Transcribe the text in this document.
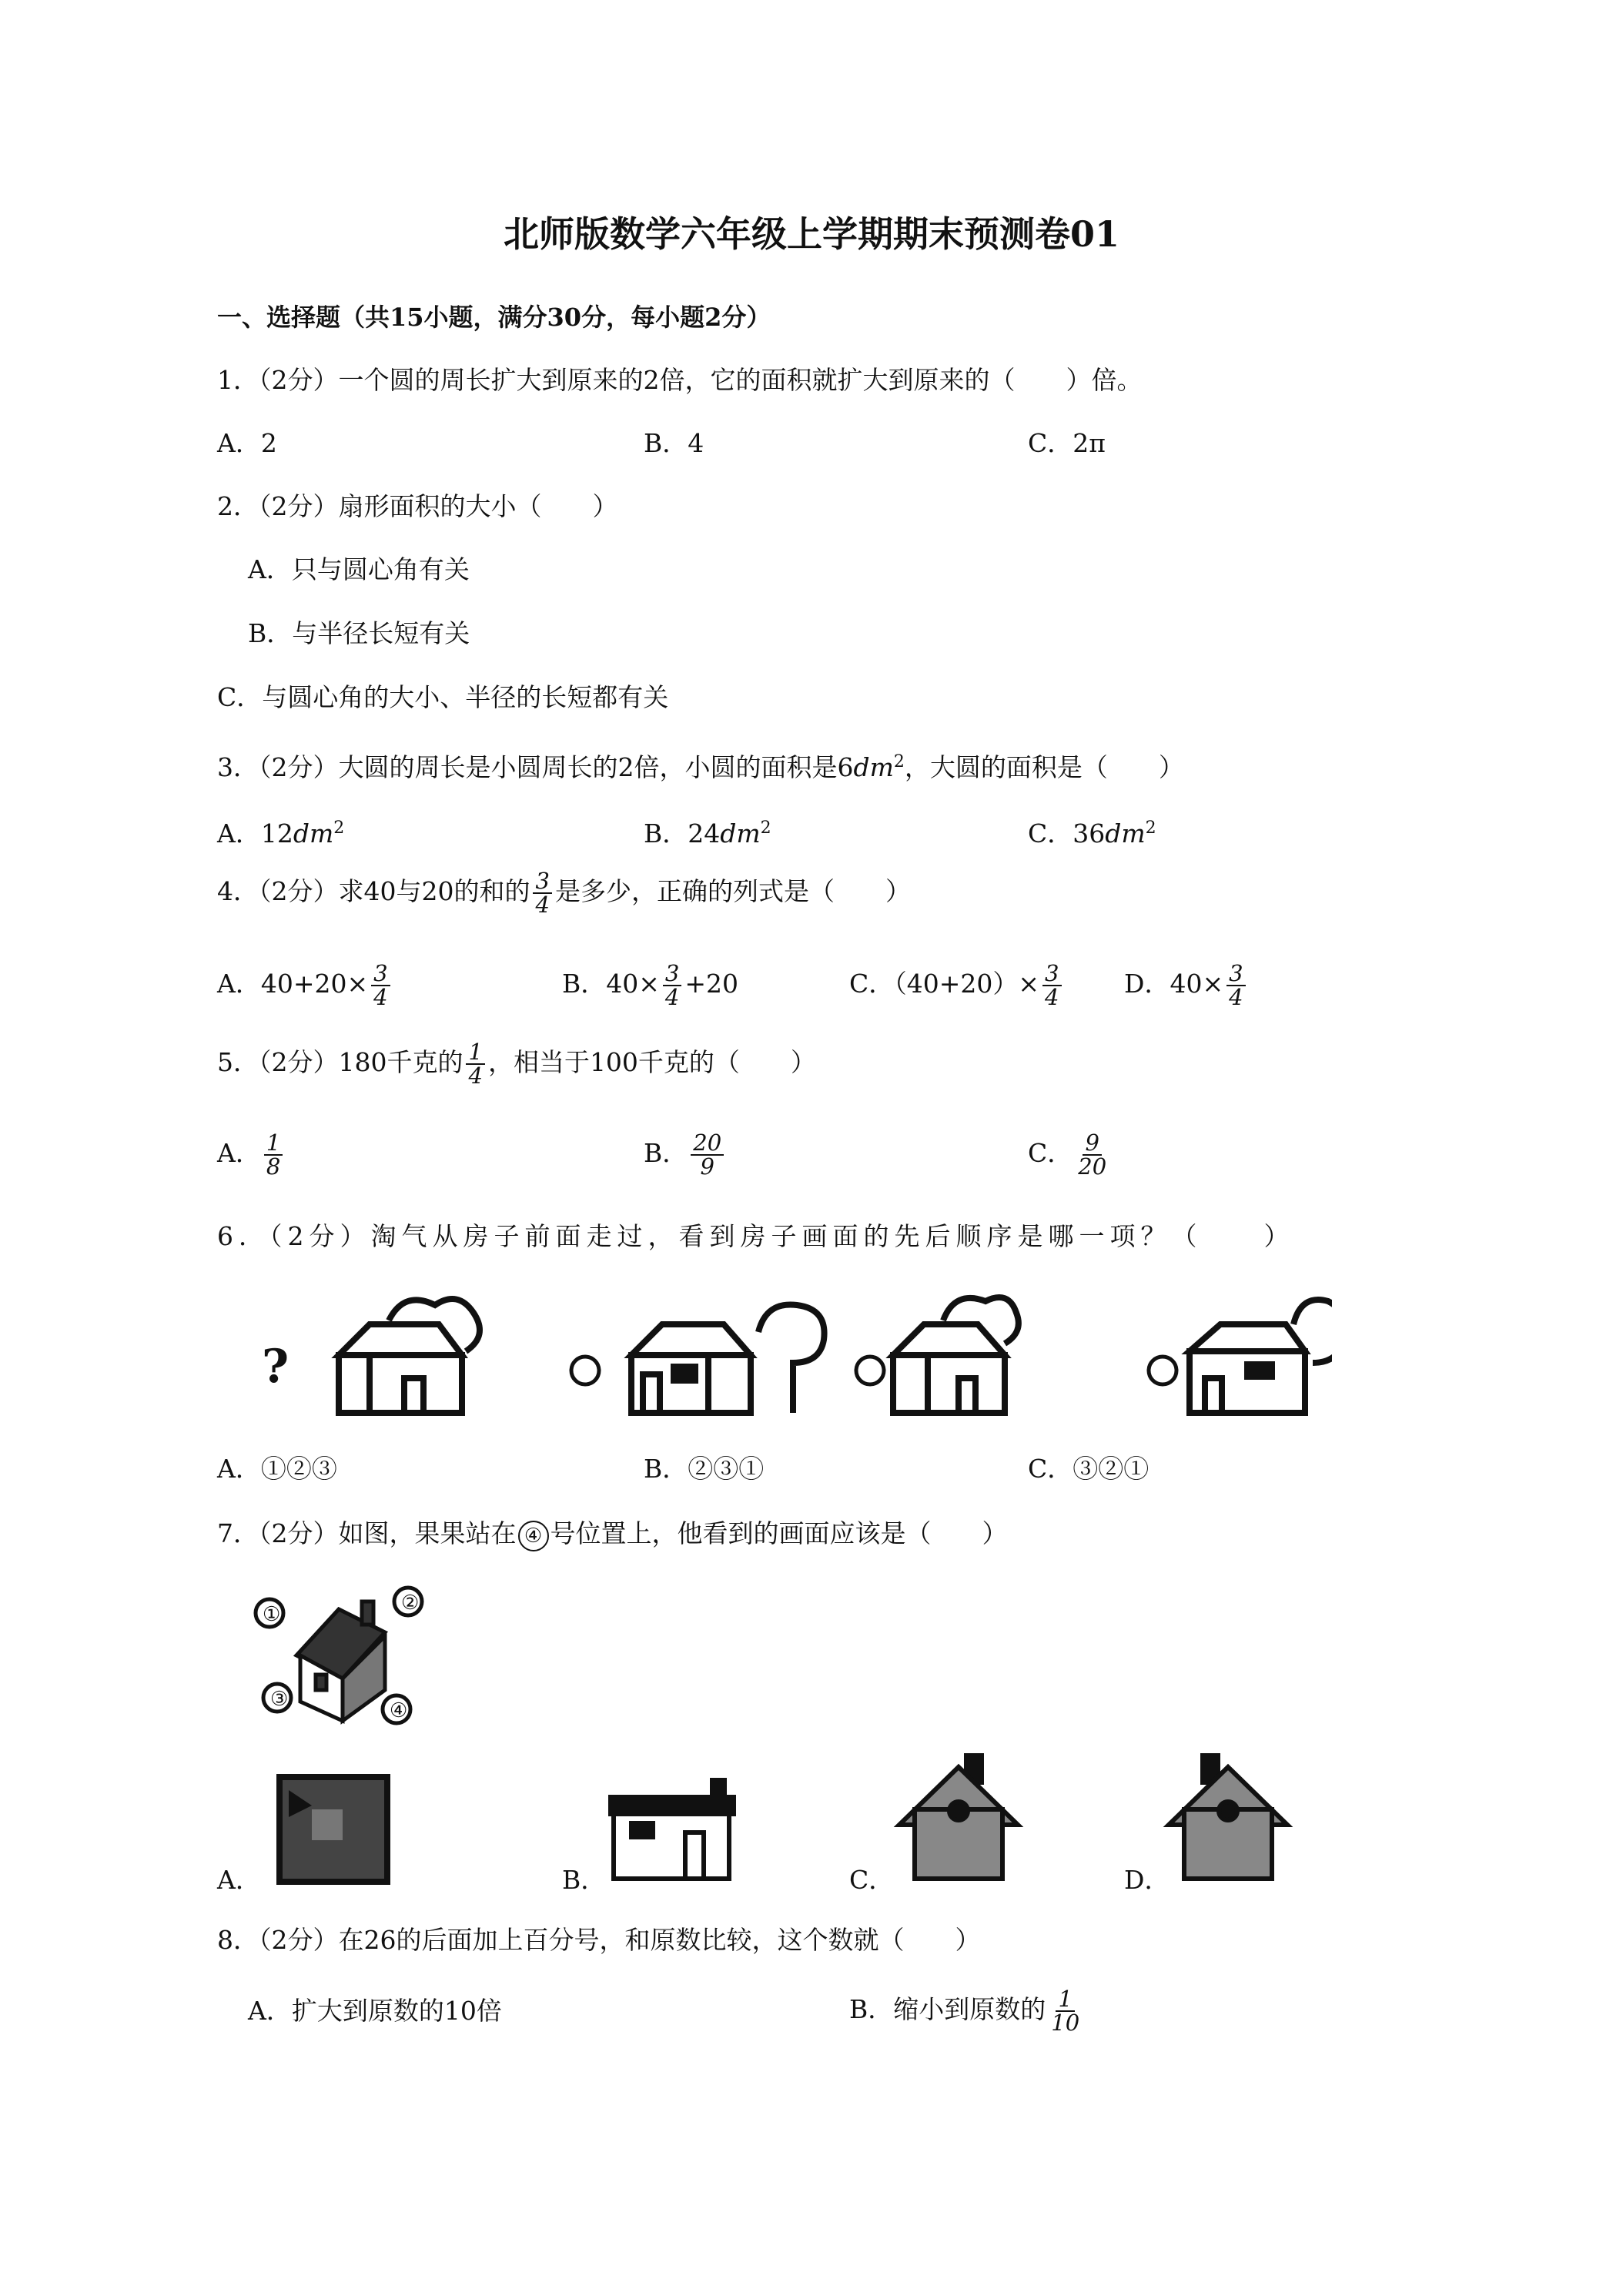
北师版数学六年级上学期期末预测卷01
一、选择题（共15小题，满分30分，每小题2分）
1．（2分）一个圆的周长扩大到原来的2倍，它的面积就扩大到原来的（　　）倍。
A．2	B．4	C．2π
2．（2分）扇形面积的大小（　　）
A．只与圆心角有关
B．与半径长短有关
C．与圆心角的大小、半径的长短都有关
3．（2分）大圆的周长是小圆周长的2倍，小圆的面积是$6dm^2$，大圆的面积是（　　）
A．$12dm^2$	B．$24dm^2$	C．$36dm^2$
4．（2分）求40与20的和的 $\frac{3}{4}$ 是多少，正确的列式是（　　）
A．$40+20\times \frac{3}{4}$	B．$40\times \frac{3}{4} +20$	C．$(40+20)\times \frac{3}{4}$ D．$40\times \frac{3}{4}$
5．（2分）180千克的 $\frac{1}{4}$ ，相当于100千克的（　　）
A． $\frac{1}{8}$	B． $\frac{20}{9}$	C． $\frac{9}{20}$
6．（2分）淘气从房子前面走过，看到房子画面的先后顺序是哪一项？（　　）
?
A．①②③	B．②③①	C．③②①
7．（2分）如图，果果站在 ④ 号位置上，他看到的画面应该是（　　）
①	②
③	④
A．	B．	C．	D．
8．（2分）在26的后面加上百分号，和原数比较，这个数就（　　）
A．扩大到原数的10倍	B．缩小到原数的 $\frac{1}{10}$
